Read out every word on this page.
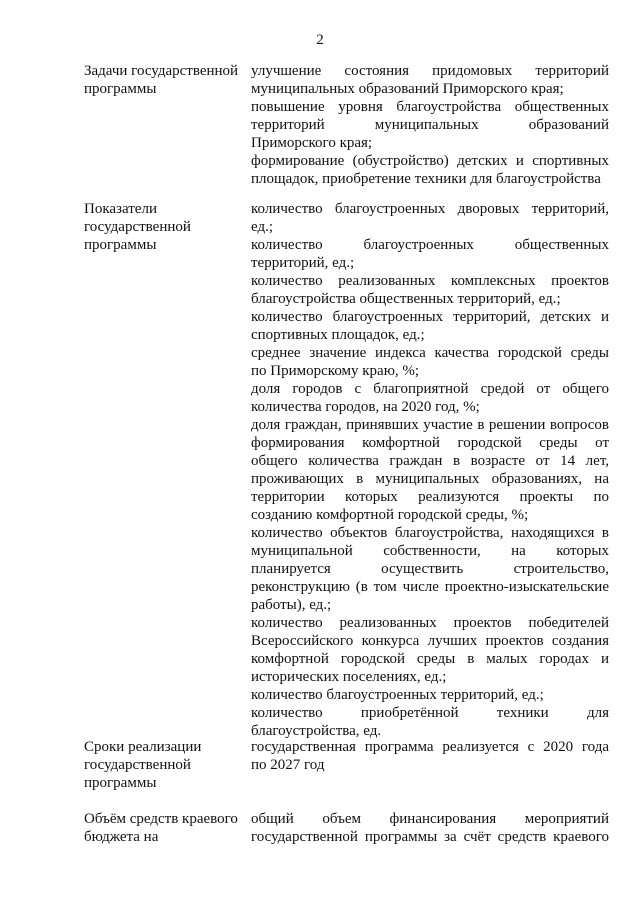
2
Задачи государственной
программы
улучшение состояния придомовых территорий
муниципальных образований Приморского края;
повышение уровня благоустройства общественных
территорий муниципальных образований
Приморского края;
формирование (обустройство) детских и спортивных
площадок, приобретение техники для благоустройства
Показатели
государственной
программы
количество благоустроенных дворовых территорий,
ед.;
количество благоустроенных общественных
территорий, ед.;
количество реализованных комплексных проектов
благоустройства общественных территорий, ед.;
количество благоустроенных территорий, детских и
спортивных площадок, ед.;
среднее значение индекса качества городской среды
по Приморскому краю, %;
доля городов с благоприятной средой от общего
количества городов, на 2020 год, %;
доля граждан, принявших участие в решении вопросов
формирования комфортной городской среды от
общего количества граждан в возрасте от 14 лет,
проживающих в муниципальных образованиях, на
территории которых реализуются проекты по
созданию комфортной городской среды, %;
количество объектов благоустройства, находящихся в
муниципальной собственности, на которых
планируется осуществить строительство,
реконструкцию (в том числе проектно-изыскательские
работы), ед.;
количество реализованных проектов победителей
Всероссийского конкурса лучших проектов создания
комфортной городской среды в малых городах и
исторических поселениях, ед.;
количество благоустроенных территорий, ед.;
количество приобретённой техники для
благоустройства, ед.
Сроки реализации
государственной
программы
государственная программа реализуется с 2020 года
по 2027 год
Объём средств краевого
бюджета на
общий объем финансирования мероприятий
государственной программы за счёт средств краевого
